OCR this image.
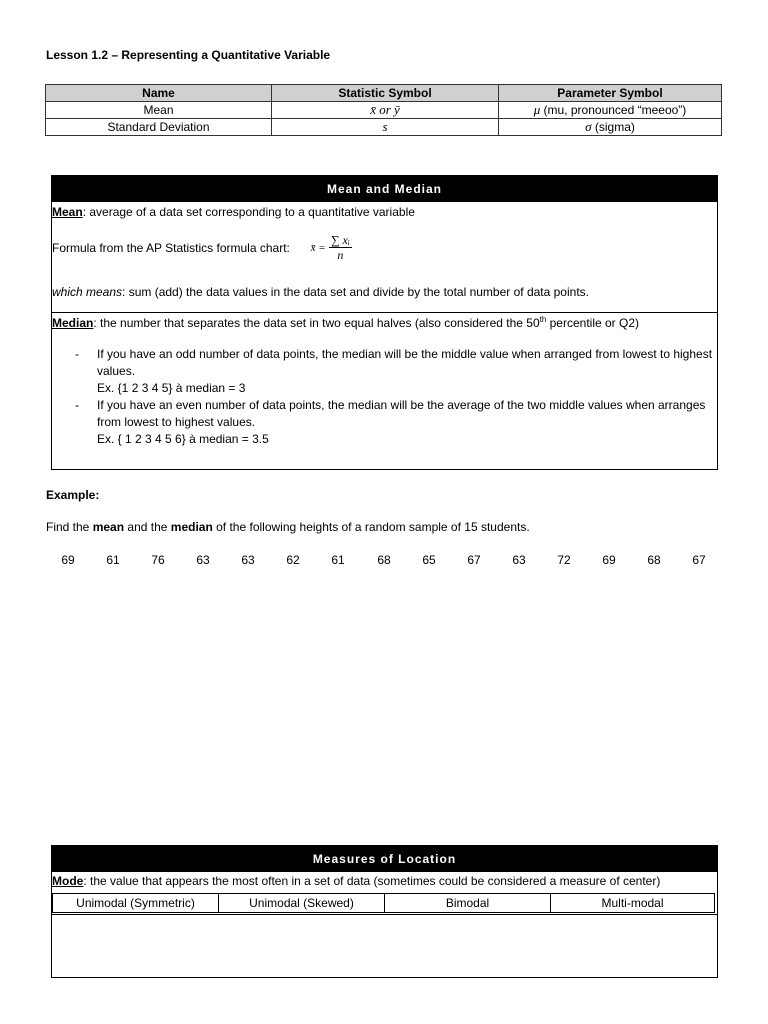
Lesson 1.2 – Representing a Quantitative Variable
Name	Statistic Symbol	Parameter Symbol
Mean	x̄ or ȳ	μ (mu, pronounced “meeoo”)
Standard Deviation	s	σ (sigma)
Mean and Median
Mean: average of a data set corresponding to a quantitative variable
Formula from the AP Statistics formula chart: x̄ = $\frac{\text{∑ xᵢ}}{n}$
which means: sum (add) the data values in the data set and divide by the total number of data points.
Median: the number that separates the data set in two equal halves (also considered the 50th percentile or Q2)
- If you have an odd number of data points, the median will be the middle value when arranged from lowest to highest values.
Ex. {1 2 3 4 5} à median = 3
- If you have an even number of data points, the median will be the average of the two middle values when arranges from lowest to highest values.
Ex. { 1 2 3 4 5 6} à median = 3.5
Example:
Find the mean and the median of the following heights of a random sample of 15 students.
69	61	76	63	63	62	61	68	65	67	63	72	69	68	67
Measures of Location
Mode: the value that appears the most often in a set of data (sometimes could be considered a measure of center)
Unimodal (Symmetric)	Unimodal (Skewed)	Bimodal	Multi-modal
